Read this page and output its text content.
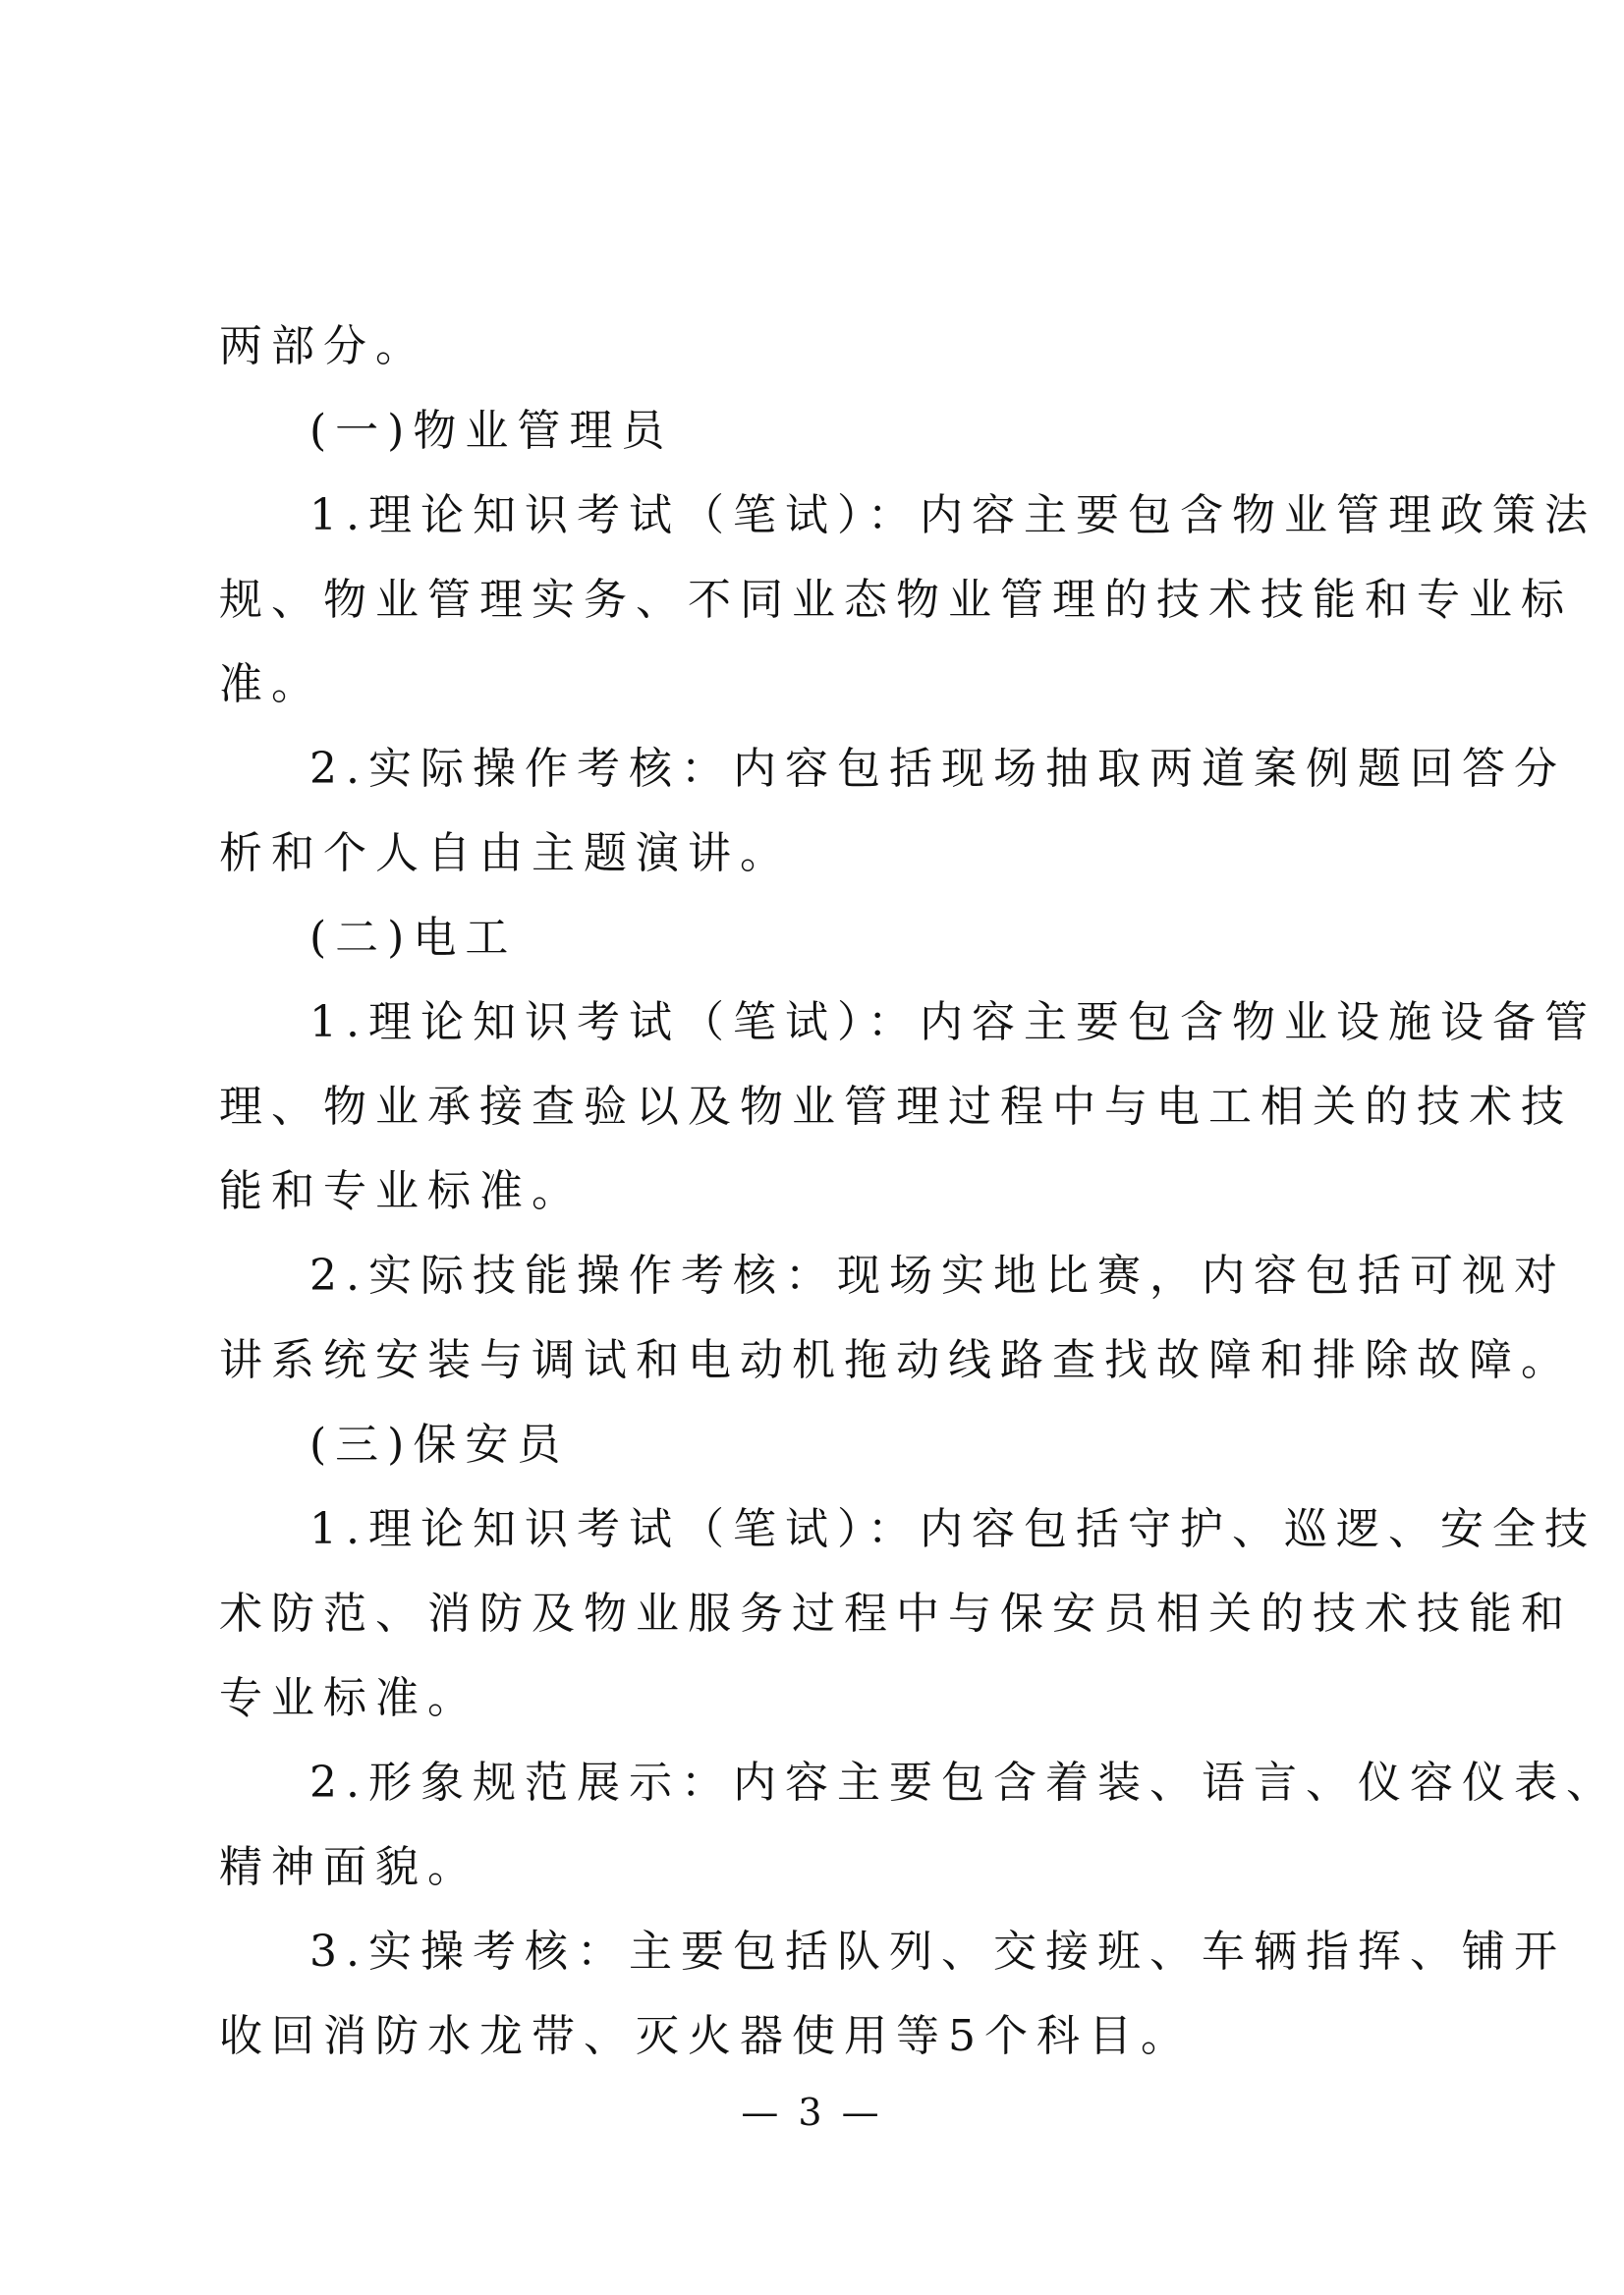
两部分。
(一)物业管理员
1.理论知识考试（笔试）：内容主要包含物业管理政策法
规、物业管理实务、不同业态物业管理的技术技能和专业标
准。
2.实际操作考核：内容包括现场抽取两道案例题回答分
析和个人自由主题演讲。
(二)电工
1.理论知识考试（笔试）：内容主要包含物业设施设备管
理、物业承接查验以及物业管理过程中与电工相关的技术技
能和专业标准。
2.实际技能操作考核：现场实地比赛，内容包括可视对
讲系统安装与调试和电动机拖动线路查找故障和排除故障。
(三)保安员
1.理论知识考试（笔试）：内容包括守护、巡逻、安全技
术防范、消防及物业服务过程中与保安员相关的技术技能和
专业标准。
2.形象规范展示：内容主要包含着装、语言、仪容仪表、
精神面貌。
3.实操考核：主要包括队列、交接班、车辆指挥、铺开
收回消防水龙带、灭火器使用等5个科目。
— 3 —
